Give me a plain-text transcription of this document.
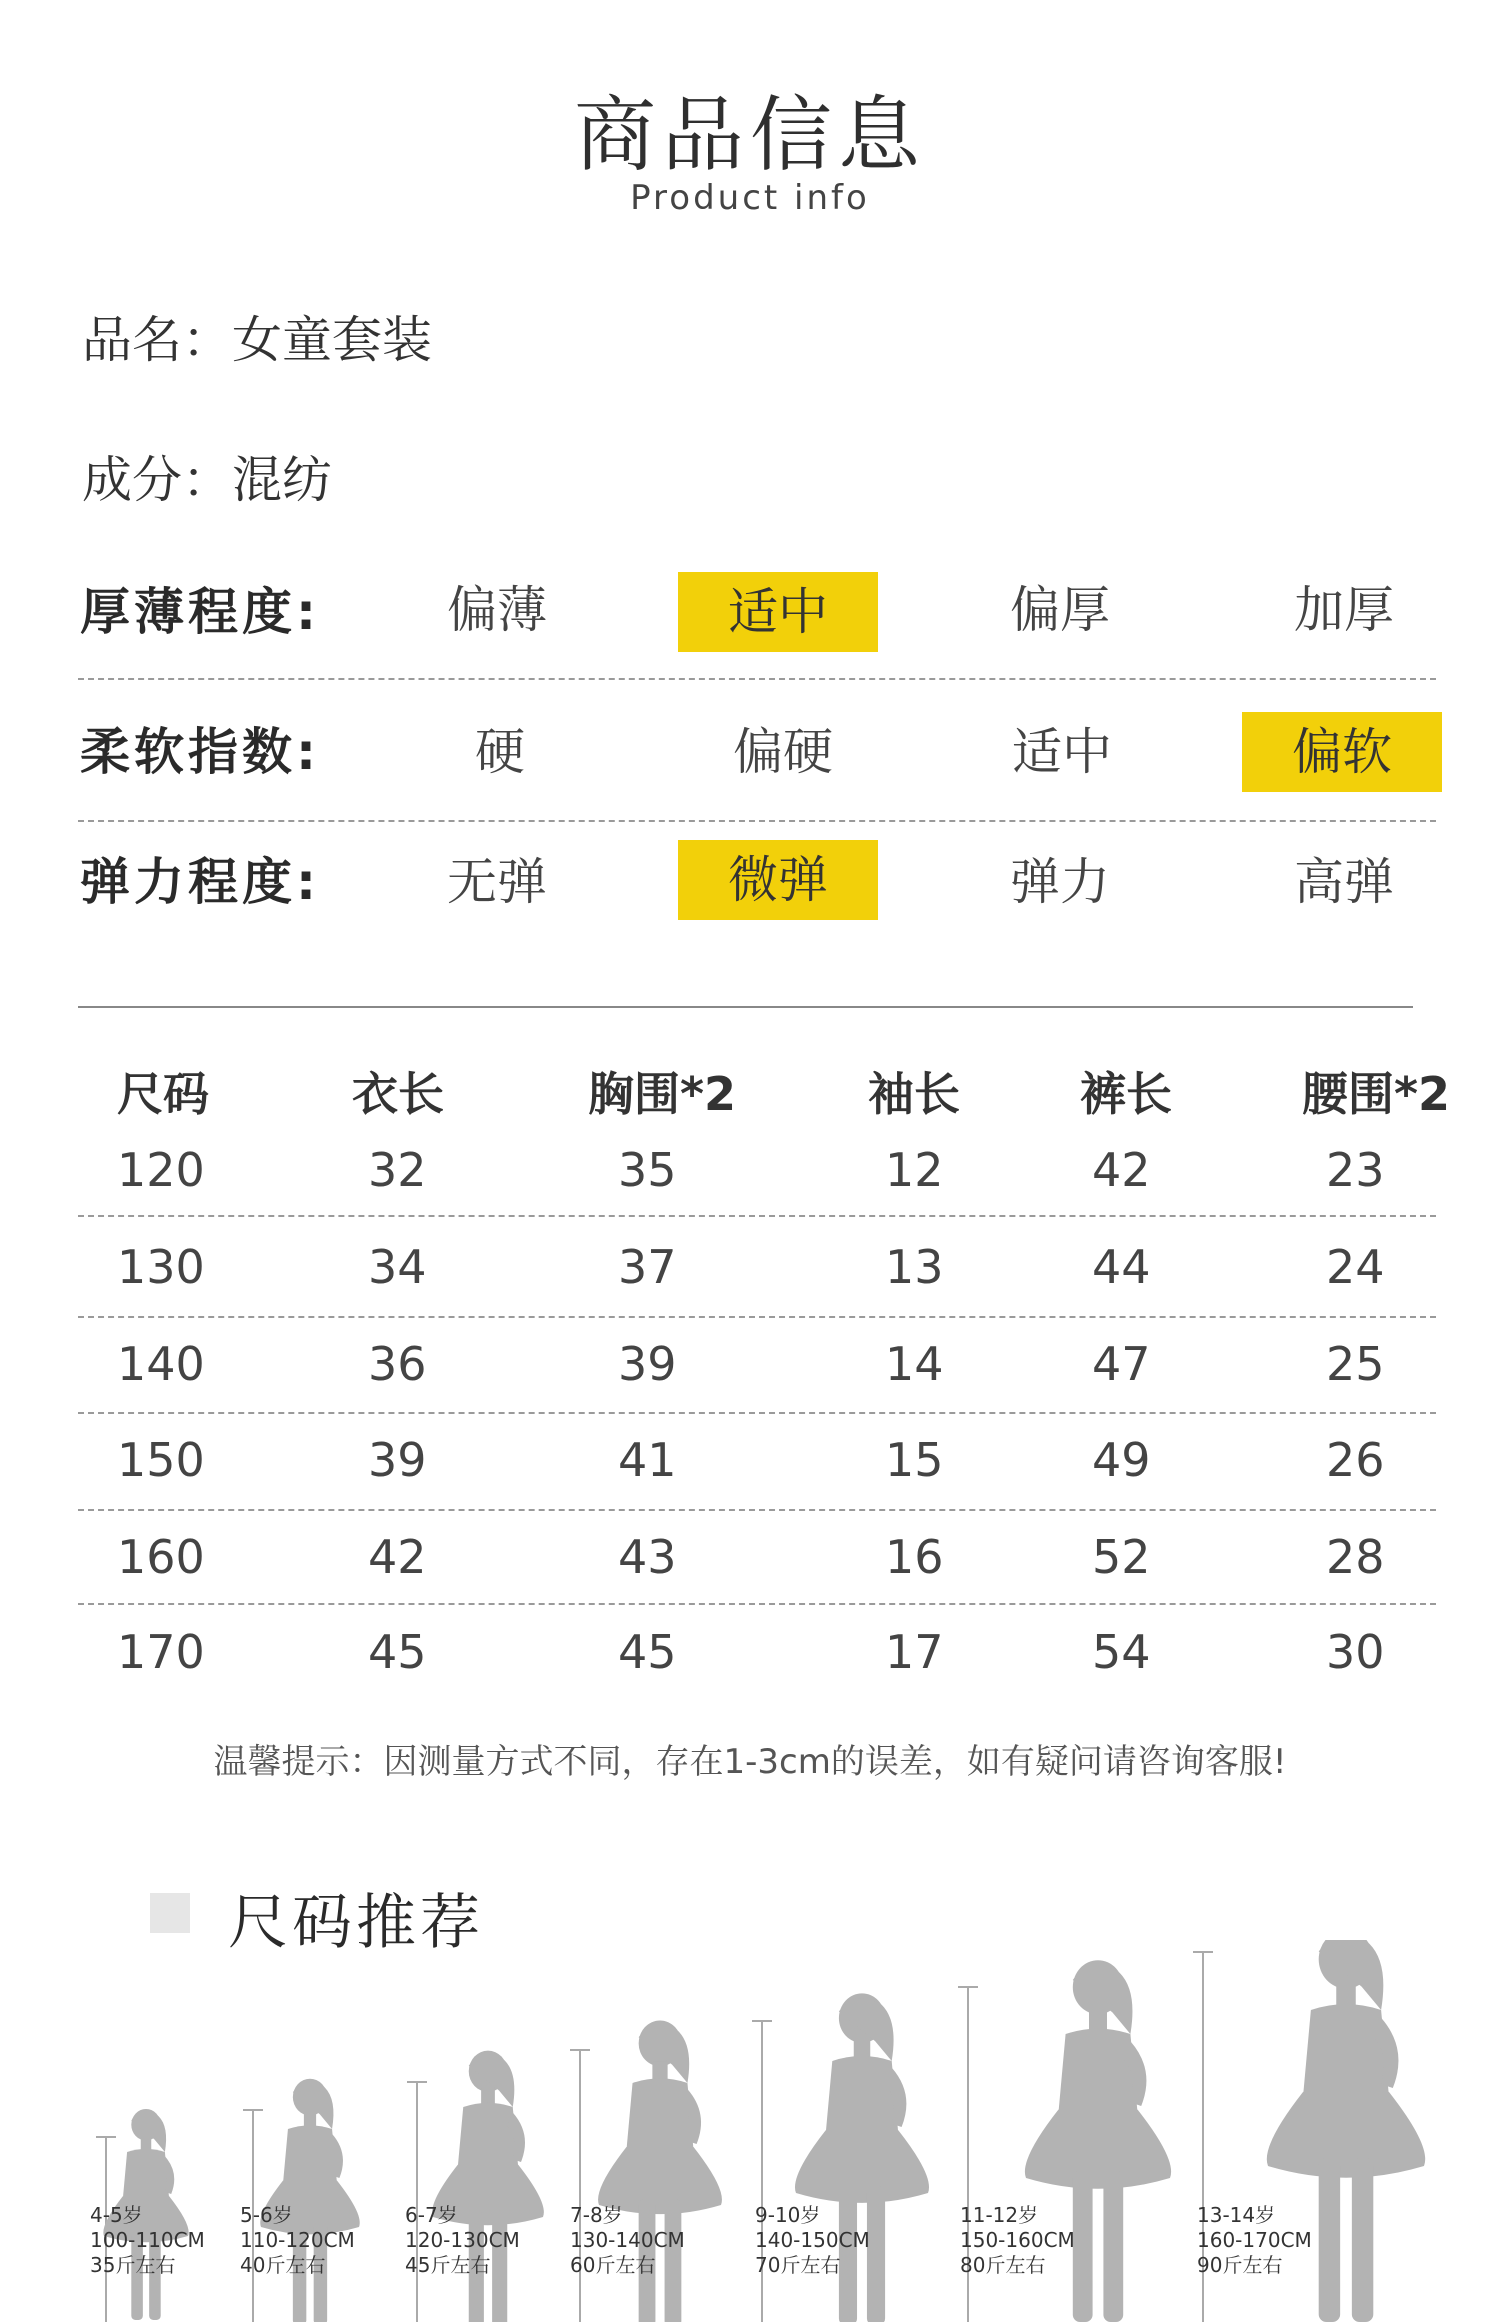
商品信息
Product info
品名：女童套装
成分：混纺
厚薄程度:	偏薄	适中	偏厚	加厚
柔软指数:	硬	偏硬	适中	偏软
弹力程度:	无弹	微弹	弹力	高弹
尺码	衣长	胸围*2	袖长	裤长	腰围*2
120	32	35	12	42	23
130	34	37	13	44	24
140	36	39	14	47	25
150	39	41	15	49	26
160	42	43	16	52	28
170	45	45	17	54	30
温馨提示：因测量方式不同，存在1-3cm的误差，如有疑问请咨询客服!
尺码推荐
4-5岁
100-110CM
35斤左右
5-6岁
110-120CM
40斤左右
6-7岁
120-130CM
45斤左右
7-8岁
130-140CM
60斤左右
9-10岁
140-150CM
70斤左右
11-12岁
150-160CM
80斤左右
13-14岁
160-170CM
90斤左右
